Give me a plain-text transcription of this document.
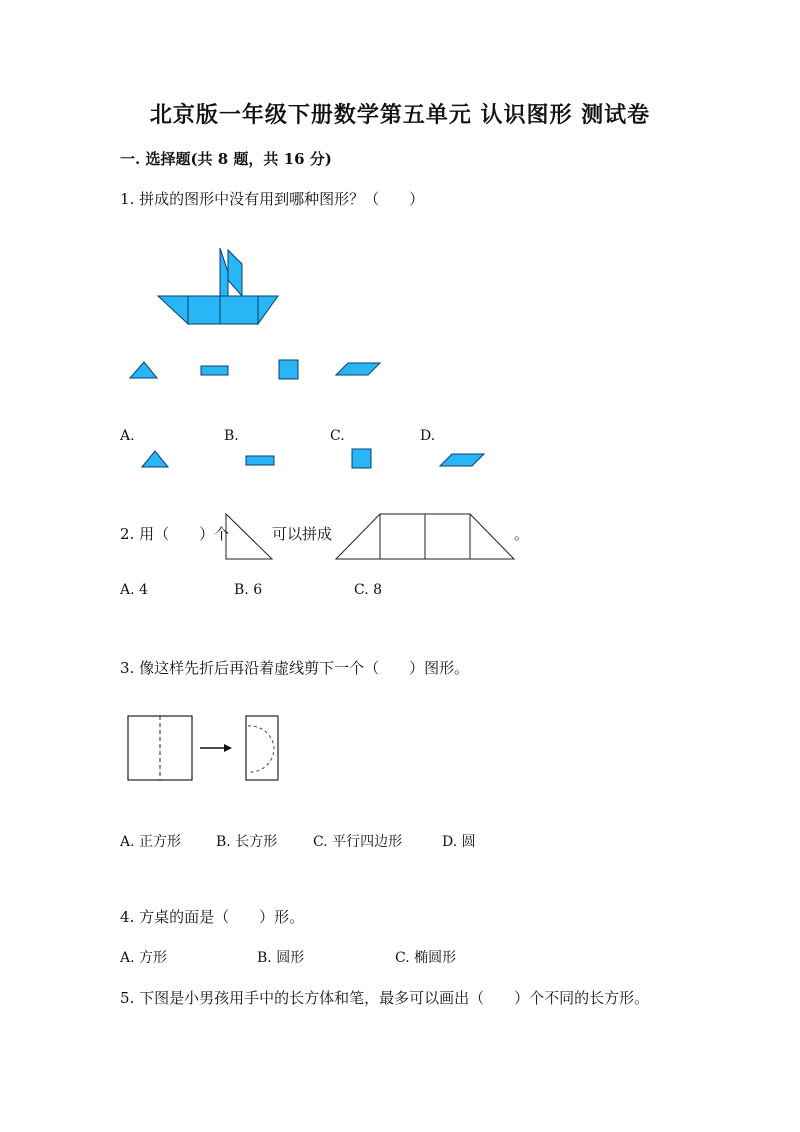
北京版一年级下册数学第五单元 认识图形 测试卷
一. 选择题(共 8 题，共 16 分)
1. 拼成的图形中没有用到哪种图形？（　　）
A.	B.	C.	D.
2. 用（　　）个	可以拼成	。
A. 4	B. 6	C. 8
3. 像这样先折后再沿着虚线剪下一个（　　）图形。
A. 正方形 B. 长方形	C. 平行四边形	D. 圆
4. 方桌的面是（　　）形。
A. 方形	B. 圆形	C. 椭圆形
5. 下图是小男孩用手中的长方体和笔，最多可以画出（　　）个不同的长方形。
